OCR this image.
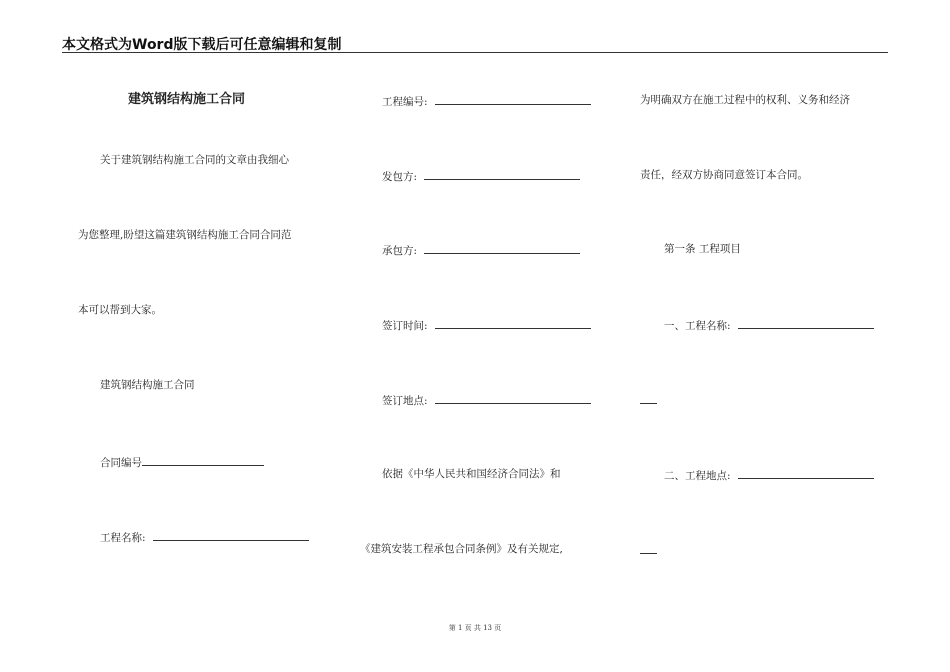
本文格式为Word版下载后可任意编辑和复制
建筑钢结构施工合同
关于建筑钢结构施工合同的文章由我细心
为您整理,盼望这篇建筑钢结构施工合同合同范
本可以帮到大家。
建筑钢结构施工合同
合同编号
工程名称:
工程编号:
发包方:
承包方:
签订时间:
签订地点:
依据《中华人民共和国经济合同法》和
《建筑安装工程承包合同条例》及有关规定,
为明确双方在施工过程中的权利、义务和经济
责任，经双方协商同意签订本合同。
第一条 工程项目
一、工程名称:
二、工程地点:
第 1 页 共 13 页
